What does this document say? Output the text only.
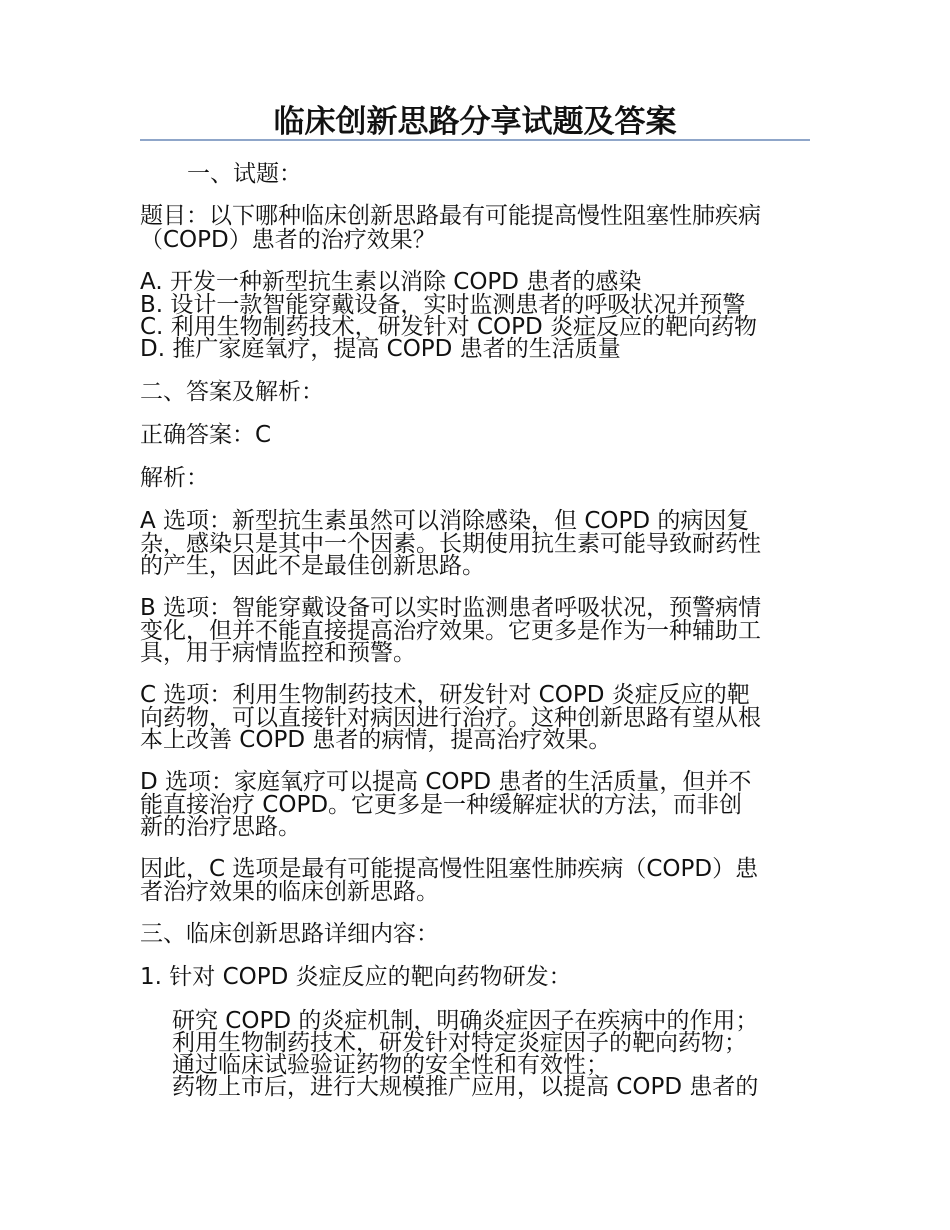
临床创新思路分享试题及答案
一、试题：
题目：以下哪种临床创新思路最有可能提高慢性阻塞性肺疾病
（COPD）患者的治疗效果？
A. 开发一种新型抗生素以消除 COPD 患者的感染
B. 设计一款智能穿戴设备，实时监测患者的呼吸状况并预警
C. 利用生物制药技术，研发针对 COPD 炎症反应的靶向药物
D. 推广家庭氧疗，提高 COPD 患者的生活质量
二、答案及解析：
正确答案：C
解析：
A 选项：新型抗生素虽然可以消除感染，但 COPD 的病因复
杂，感染只是其中一个因素。长期使用抗生素可能导致耐药性
的产生，因此不是最佳创新思路。
B 选项：智能穿戴设备可以实时监测患者呼吸状况，预警病情
变化，但并不能直接提高治疗效果。它更多是作为一种辅助工
具，用于病情监控和预警。
C 选项：利用生物制药技术，研发针对 COPD 炎症反应的靶
向药物，可以直接针对病因进行治疗。这种创新思路有望从根
本上改善 COPD 患者的病情，提高治疗效果。
D 选项：家庭氧疗可以提高 COPD 患者的生活质量，但并不
能直接治疗 COPD。它更多是一种缓解症状的方法，而非创
新的治疗思路。
因此，C 选项是最有可能提高慢性阻塞性肺疾病（COPD）患
者治疗效果的临床创新思路。
三、临床创新思路详细内容：
1. 针对 COPD 炎症反应的靶向药物研发：
研究 COPD 的炎症机制，明确炎症因子在疾病中的作用；
利用生物制药技术，研发针对特定炎症因子的靶向药物；
通过临床试验验证药物的安全性和有效性；
药物上市后，进行大规模推广应用，以提高 COPD 患者的
